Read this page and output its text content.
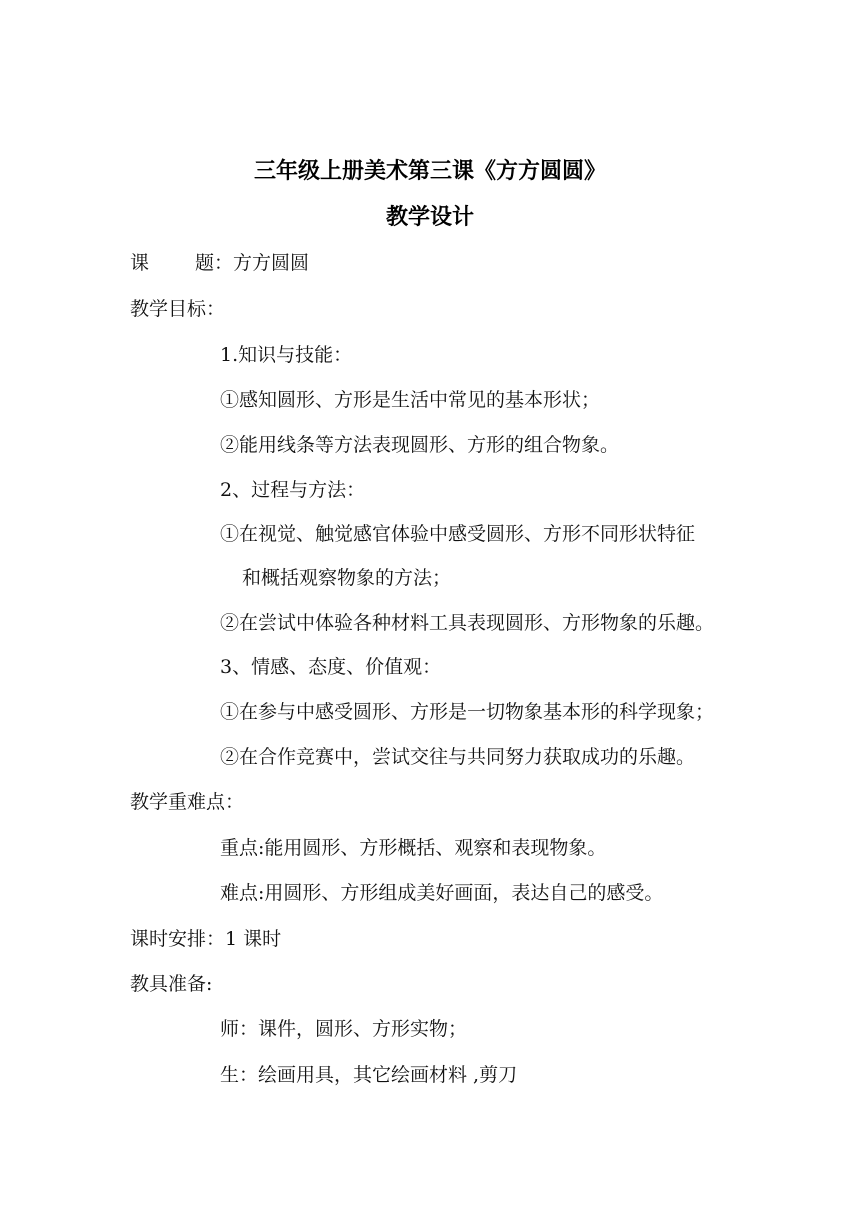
三年级上册美术第三课《方方圆圆》
教学设计
课 题：方方圆圆
教学目标：
1.知识与技能：
①感知圆形、方形是生活中常见的基本形状；
②能用线条等方法表现圆形、方形的组合物象。
2、过程与方法：
①在视觉、触觉感官体验中感受圆形、方形不同形状特征
和概括观察物象的方法；
②在尝试中体验各种材料工具表现圆形、方形物象的乐趣。
3、情感、态度、价值观：
①在参与中感受圆形、方形是一切物象基本形的科学现象；
②在合作竞赛中，尝试交往与共同努力获取成功的乐趣。
教学重难点：
重点:能用圆形、方形概括、观察和表现物象。
难点:用圆形、方形组成美好画面，表达自己的感受。
课时安排：1 课时
教具准备:
师：课件，圆形、方形实物；
生：绘画用具，其它绘画材料 ,剪刀
